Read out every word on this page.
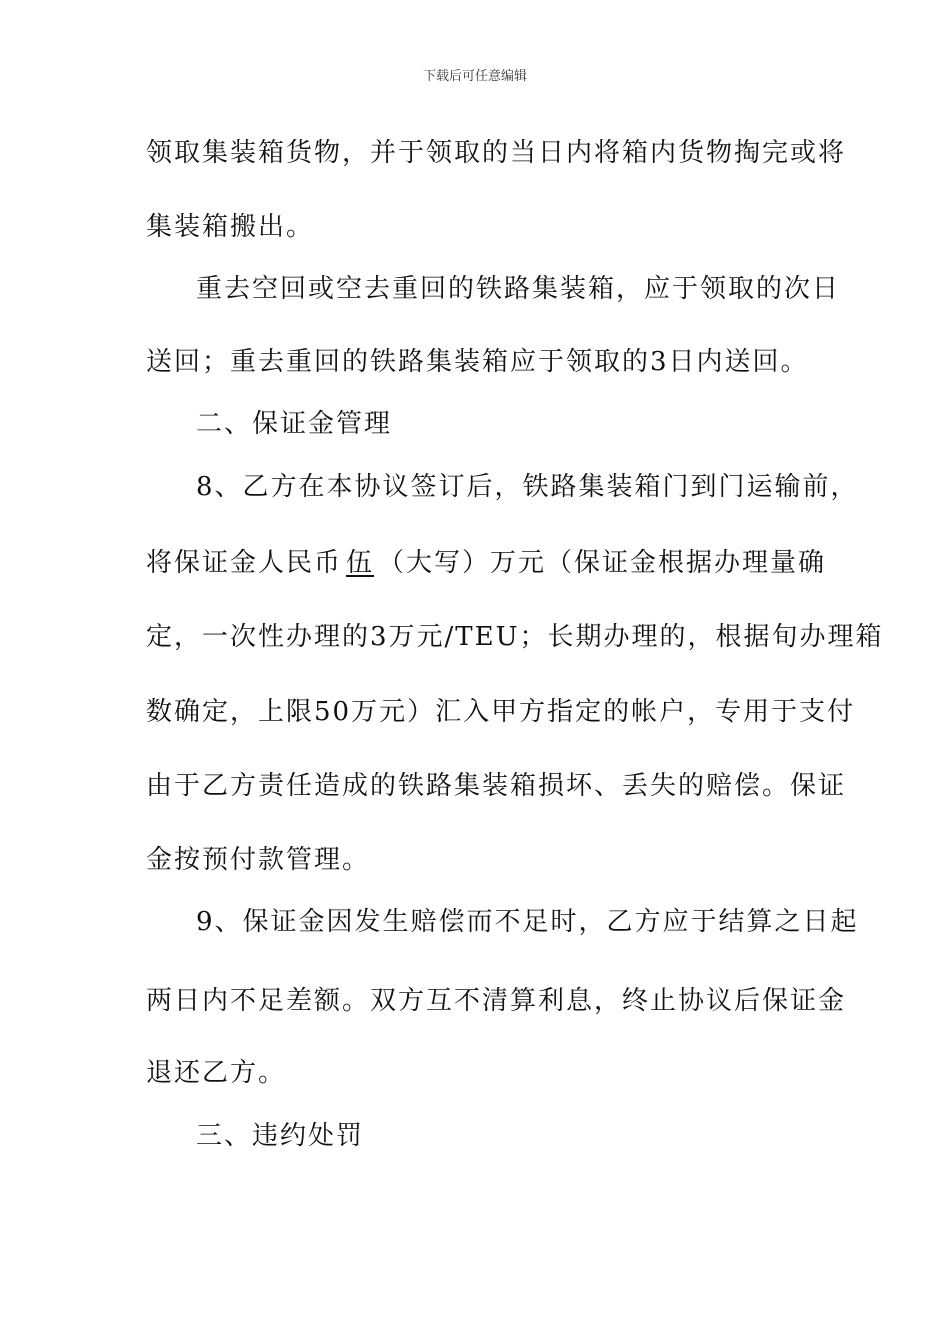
下载后可任意编辑
领取集装箱货物，并于领取的当日内将箱内货物掏完或将
集装箱搬出。
重去空回或空去重回的铁路集装箱，应于领取的次日
送回；重去重回的铁路集装箱应于领取的3日内送回。
二、保证金管理
8、乙方在本协议签订后，铁路集装箱门到门运输前，
将保证金人民币伍（大写）万元（保证金根据办理量确
定，一次性办理的3万元/TEU；长期办理的，根据旬办理箱
数确定，上限50万元）汇入甲方指定的帐户，专用于支付
由于乙方责任造成的铁路集装箱损坏、丢失的赔偿。保证
金按预付款管理。
9、保证金因发生赔偿而不足时，乙方应于结算之日起
两日内不足差额。双方互不清算利息，终止协议后保证金
退还乙方。
三、违约处罚
